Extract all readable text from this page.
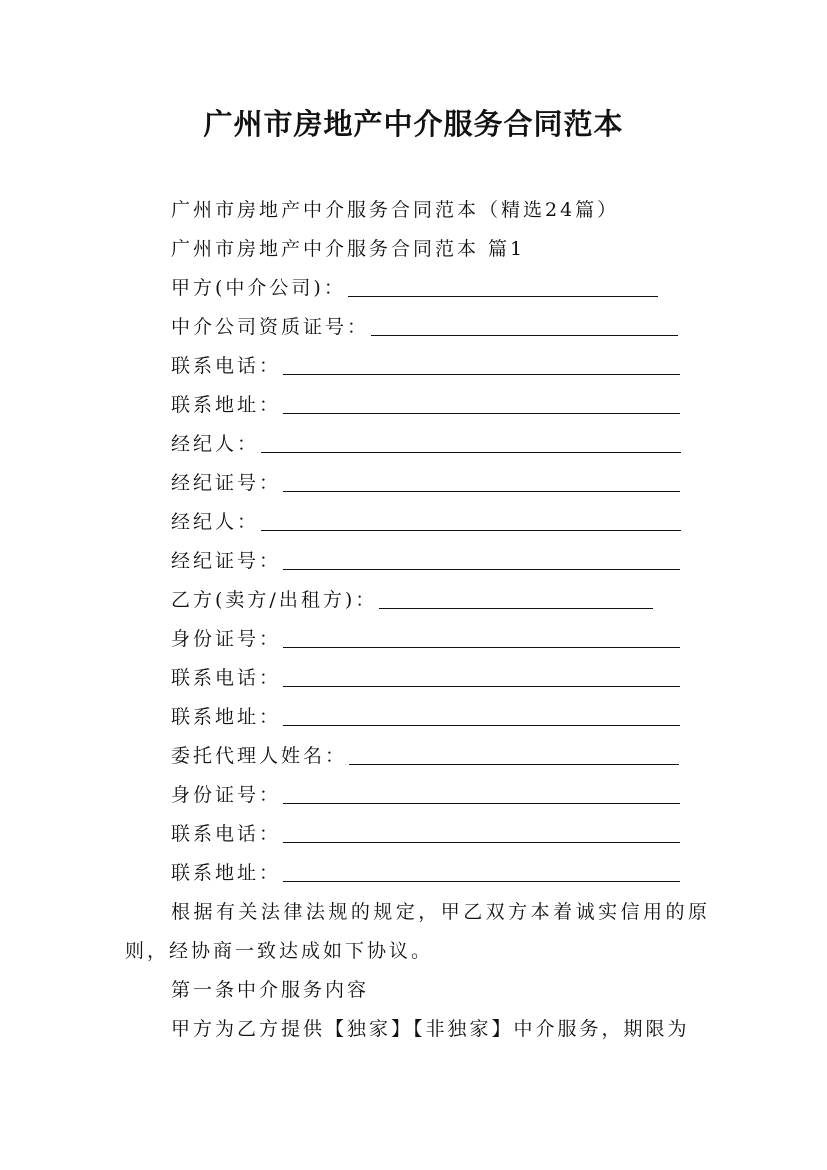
广州市房地产中介服务合同范本
广州市房地产中介服务合同范本（精选24篇）
广州市房地产中介服务合同范本 篇1
甲方(中介公司)：
中介公司资质证号：
联系电话：
联系地址：
经纪人：
经纪证号：
经纪人：
经纪证号：
乙方(卖方/出租方)：
身份证号：
联系电话：
联系地址：
委托代理人姓名：
身份证号：
联系电话：
联系地址：
根据有关法律法规的规定，甲乙双方本着诚实信用的原则，经协商一致达成如下协议。
第一条中介服务内容
甲方为乙方提供【独家】【非独家】中介服务，期限为
